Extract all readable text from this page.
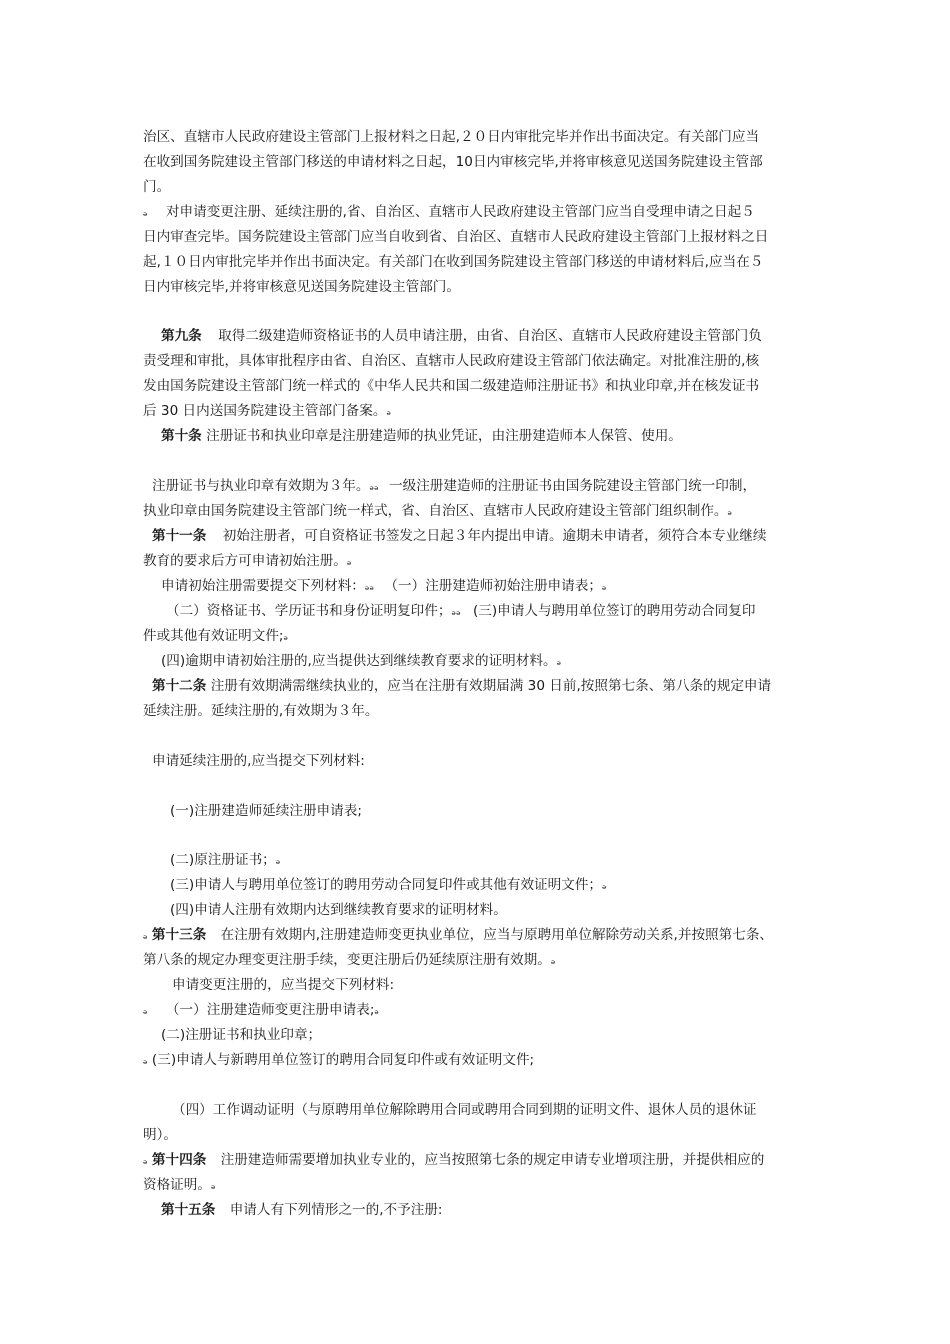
治区、直辖市人民政府建设主管部门上报材料之日起,２０日内审批完毕并作出书面决定。有关部门应当
在收到国务院建设主管部门移送的申请材料之日起，10日内审核完毕,并将审核意见送国务院建设主管部
门。
ₔ 对申请变更注册、延续注册的,省、自治区、直辖市人民政府建设主管部门应当自受理申请之日起５
日内审查完毕。国务院建设主管部门应当自收到省、自治区、直辖市人民政府建设主管部门上报材料之日
起,１０日内审批完毕并作出书面决定。有关部门在收到国务院建设主管部门移送的申请材料后,应当在５
日内审核完毕,并将审核意见送国务院建设主管部门。
第九条 取得二级建造师资格证书的人员申请注册，由省、自治区、直辖市人民政府建设主管部门负
责受理和审批，具体审批程序由省、自治区、直辖市人民政府建设主管部门依法确定。对批准注册的,核
发由国务院建设主管部门统一样式的《中华人民共和国二级建造师注册证书》和执业印章,并在核发证书
后 30 日内送国务院建设主管部门备案。ₔ
第十条 注册证书和执业印章是注册建造师的执业凭证，由注册建造师本人保管、使用。
注册证书与执业印章有效期为３年。ₔₔ 一级注册建造师的注册证书由国务院建设主管部门统一印制，
执业印章由国务院建设主管部门统一样式，省、自治区、直辖市人民政府建设主管部门组织制作。ₔ
第十一条 初始注册者，可自资格证书签发之日起３年内提出申请。逾期未申请者，须符合本专业继续
教育的要求后方可申请初始注册。ₔ
申请初始注册需要提交下列材料：ₔₔ （一）注册建造师初始注册申请表；ₔ
（二）资格证书、学历证书和身份证明复印件；ₔₔ (三)申请人与聘用单位签订的聘用劳动合同复印
件或其他有效证明文件;ₔ
(四)逾期申请初始注册的,应当提供达到继续教育要求的证明材料。ₔ
第十二条 注册有效期满需继续执业的，应当在注册有效期届满 30 日前,按照第七条、第八条的规定申请
延续注册。延续注册的,有效期为３年。
申请延续注册的,应当提交下列材料:
(一)注册建造师延续注册申请表;
(二)原注册证书；ₔ
(三)申请人与聘用单位签订的聘用劳动合同复印件或其他有效证明文件；ₔ
(四)申请人注册有效期内达到继续教育要求的证明材料。
ₔ 第十三条 在注册有效期内,注册建造师变更执业单位，应当与原聘用单位解除劳动关系,并按照第七条、
第八条的规定办理变更注册手续，变更注册后仍延续原注册有效期。ₔ
申请变更注册的，应当提交下列材料:
ₔ （一）注册建造师变更注册申请表;ₔ
(二)注册证书和执业印章；
ₔ (三)申请人与新聘用单位签订的聘用合同复印件或有效证明文件;
（四）工作调动证明（与原聘用单位解除聘用合同或聘用合同到期的证明文件、退休人员的退休证
明）。
ₔ 第十四条 注册建造师需要增加执业专业的，应当按照第七条的规定申请专业增项注册，并提供相应的
资格证明。ₔ
第十五条 申请人有下列情形之一的,不予注册:
